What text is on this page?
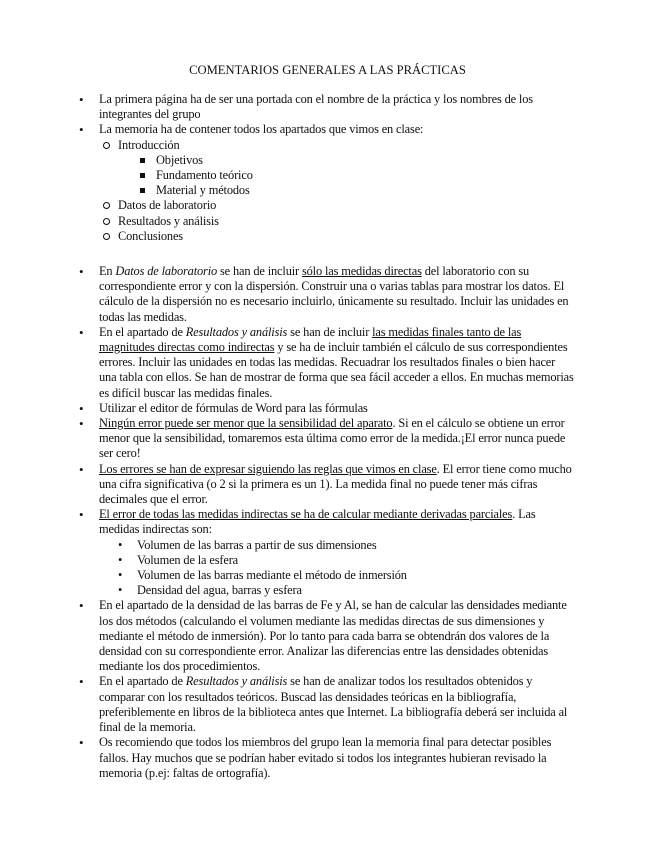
COMENTARIOS GENERALES A LAS PRÁCTICAS
• La primera página ha de ser una portada con el nombre de la práctica y los nombres de los integrantes del grupo
• La memoria ha de contener todos los apartados que vimos en clase:
Introducción
Objetivos
Fundamento teórico
Material y métodos
Datos de laboratorio
Resultados y análisis
Conclusiones
• En Datos de laboratorio se han de incluir sólo las medidas directas del laboratorio con su correspondiente error y con la dispersión. Construir una o varias tablas para mostrar los datos. El cálculo de la dispersión no es necesario incluirlo, únicamente su resultado. Incluir las unidades en todas las medidas.
• En el apartado de Resultados y análisis se han de incluir las medidas finales tanto de las magnitudes directas como indirectas y se ha de incluir también el cálculo de sus correspondientes errores. Incluir las unidades en todas las medidas. Recuadrar los resultados finales o bien hacer una tabla con ellos. Se han de mostrar de forma que sea fácil acceder a ellos. En muchas memorias es difícil buscar las medidas finales.
• Utilizar el editor de fórmulas de Word para las fórmulas
• Ningún error puede ser menor que la sensibilidad del aparato. Si en el cálculo se obtiene un error menor que la sensibilidad, tomaremos esta última como error de la medida.¡El error nunca puede ser cero!
• Los errores se han de expresar siguiendo las reglas que vimos en clase. El error tiene como mucho una cifra significativa (o 2 si la primera es un 1). La medida final no puede tener más cifras decimales que el error.
• El error de todas las medidas indirectas se ha de calcular mediante derivadas parciales. Las medidas indirectas son:
• Volumen de las barras a partir de sus dimensiones
• Volumen de la esfera
• Volumen de las barras mediante el método de inmersión
• Densidad del agua, barras y esfera
• En el apartado de la densidad de las barras de Fe y Al, se han de calcular las densidades mediante los dos métodos (calculando el volumen mediante las medidas directas de sus dimensiones y mediante el método de inmersión). Por lo tanto para cada barra se obtendrán dos valores de la densidad con su correspondiente error. Analizar las diferencias entre las densidades obtenidas mediante los dos procedimientos.
• En el apartado de Resultados y análisis se han de analizar todos los resultados obtenidos y comparar con los resultados teóricos. Buscad las densidades teóricas en la bibliografía, preferiblemente en libros de la biblioteca antes que Internet. La bibliografía deberá ser incluida al final de la memoria.
• Os recomiendo que todos los miembros del grupo lean la memoria final para detectar posibles fallos. Hay muchos que se podrían haber evitado si todos los integrantes hubieran revisado la memoria (p.ej: faltas de ortografía).
